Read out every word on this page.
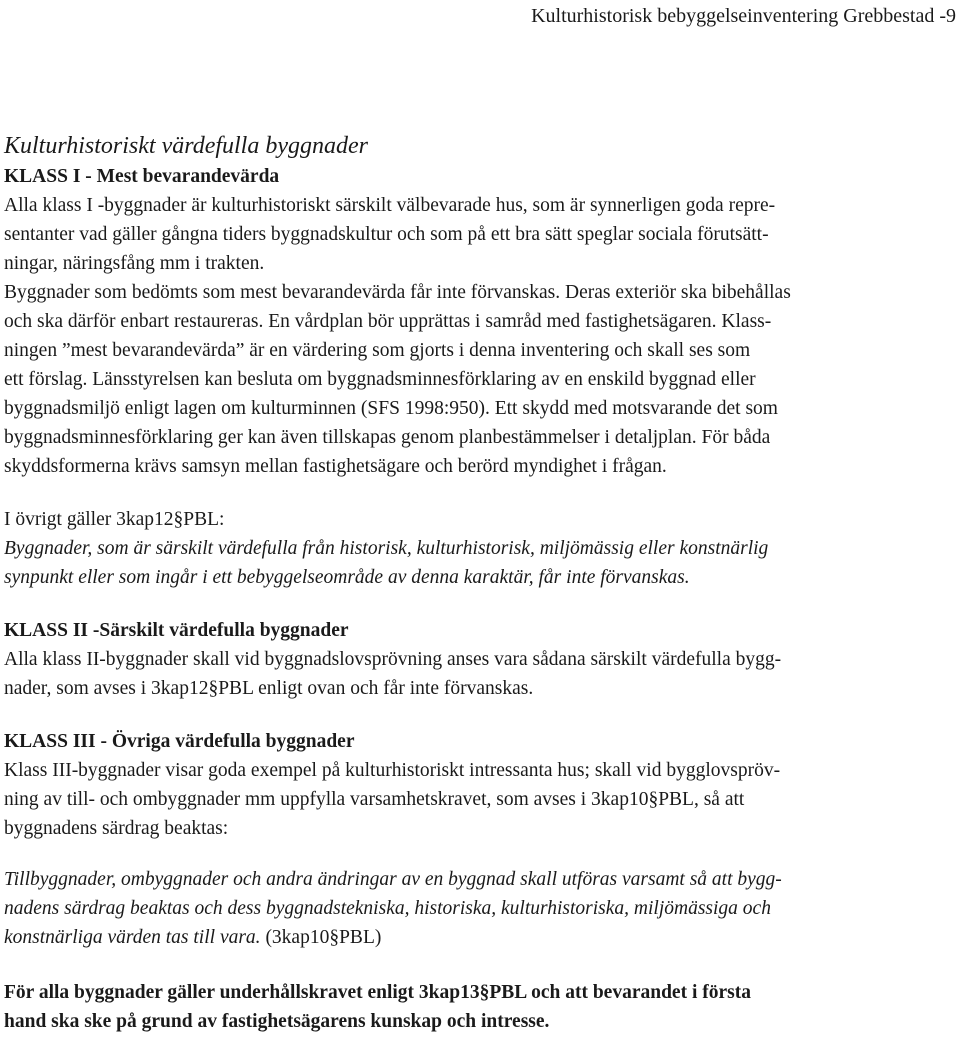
Kulturhistorisk bebyggelseinventering Grebbestad -9
Kulturhistoriskt värdefulla byggnader
KLASS I - Mest bevarandevärda
Alla klass I -byggnader är kulturhistoriskt särskilt välbevarade hus, som är synnerligen goda repre-
sentanter vad gäller gångna tiders byggnadskultur och som på ett bra sätt speglar sociala förutsätt-
ningar, näringsfång mm i trakten.
Byggnader som bedömts som mest bevarandevärda får inte förvanskas. Deras exteriör ska bibehållas
och ska därför enbart restaureras. En vårdplan bör upprättas i samråd med fastighetsägaren. Klass-
ningen ”mest bevarandevärda” är en värdering som gjorts i denna inventering och skall ses som
ett förslag. Länsstyrelsen kan besluta om byggnadsminnesförklaring av en enskild byggnad eller
byggnadsmiljö enligt lagen om kulturminnen (SFS 1998:950). Ett skydd med motsvarande det som
byggnadsminnesförklaring ger kan även tillskapas genom planbestämmelser i detaljplan. För båda
skyddsformerna krävs samsyn mellan fastighetsägare och berörd myndighet i frågan.
I övrigt gäller 3kap12§PBL:
Byggnader, som är särskilt värdefulla från historisk, kulturhistorisk, miljömässig eller konstnärlig
synpunkt eller som ingår i ett bebyggelseområde av denna karaktär, får inte förvanskas.
KLASS II -Särskilt värdefulla byggnader
Alla klass II-byggnader skall vid byggnadslovsprövning anses vara sådana särskilt värdefulla bygg-
nader, som avses i 3kap12§PBL enligt ovan och får inte förvanskas.
KLASS III - Övriga värdefulla byggnader
Klass III-byggnader visar goda exempel på kulturhistoriskt intressanta hus; skall vid bygglovspröv-
ning av till- och ombyggnader mm uppfylla varsamhetskravet, som avses i 3kap10§PBL, så att
byggnadens särdrag beaktas:
Tillbyggnader, ombyggnader och andra ändringar av en byggnad skall utföras varsamt så att bygg-
nadens särdrag beaktas och dess byggnadstekniska, historiska, kulturhistoriska, miljömässiga och
konstnärliga värden tas till vara. (3kap10§PBL)
För alla byggnader gäller underhållskravet enligt 3kap13§PBL och att bevarandet i första
hand ska ske på grund av fastighetsägarens kunskap och intresse.
